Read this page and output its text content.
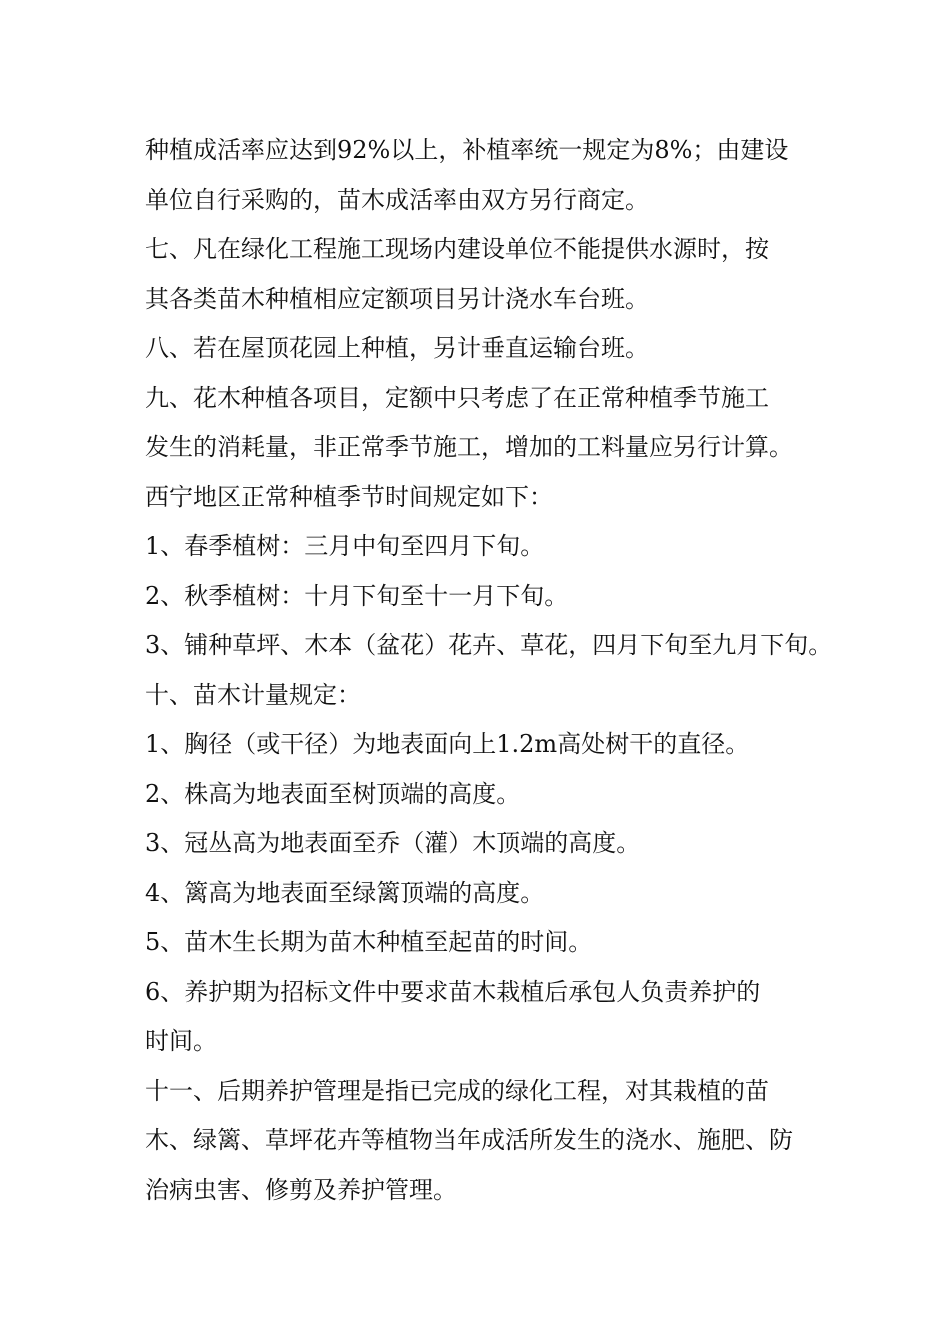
种植成活率应达到92%以上，补植率统一规定为8%；由建设
单位自行采购的，苗木成活率由双方另行商定。

七、凡在绿化工程施工现场内建设单位不能提供水源时，按
其各类苗木种植相应定额项目另计浇水车台班。

八、若在屋顶花园上种植，另计垂直运输台班。

九、花木种植各项目，定额中只考虑了在正常种植季节施工
发生的消耗量，非正常季节施工，增加的工料量应另行计算。
西宁地区正常种植季节时间规定如下：

1、春季植树：三月中旬至四月下旬。

2、秋季植树：十月下旬至十一月下旬。

3、铺种草坪、木本（盆花）花卉、草花，四月下旬至九月下旬。

十、苗木计量规定：

1、胸径（或干径）为地表面向上1.2m高处树干的直径。

2、株高为地表面至树顶端的高度。

3、冠丛高为地表面至乔（灌）木顶端的高度。

4、篱高为地表面至绿篱顶端的高度。

5、苗木生长期为苗木种植至起苗的时间。

6、养护期为招标文件中要求苗木栽植后承包人负责养护的
时间。

十一、后期养护管理是指已完成的绿化工程，对其栽植的苗
木、绿篱、草坪花卉等植物当年成活所发生的浇水、施肥、防
治病虫害、修剪及养护管理。
